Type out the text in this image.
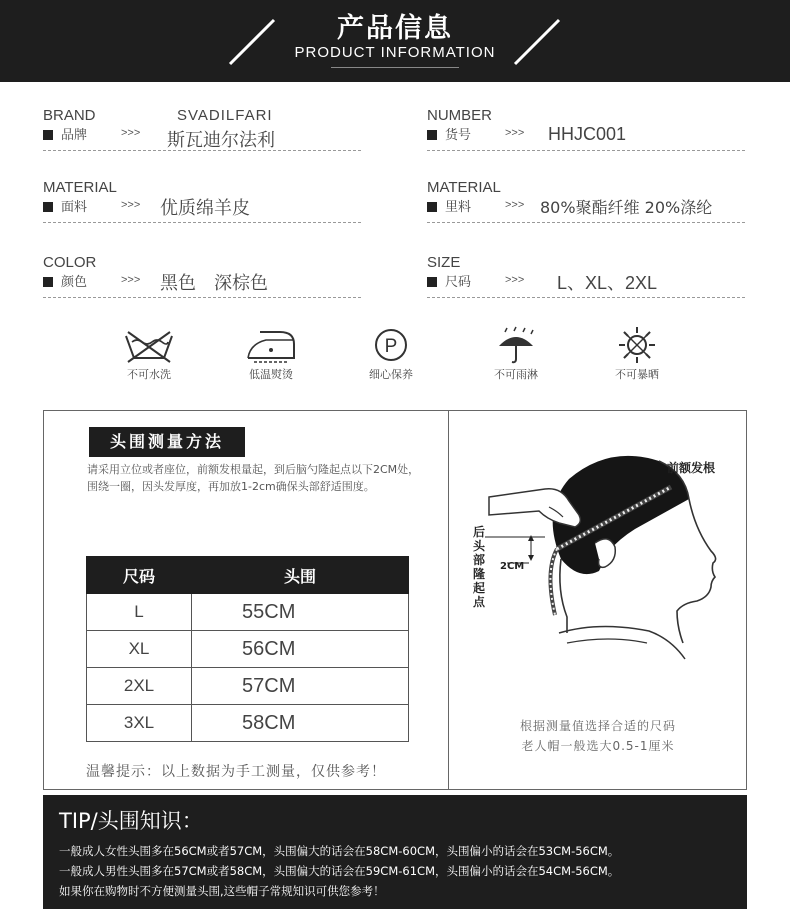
产品信息
PRODUCT INFORMATION
BRAND
品牌	>>>
SVADILFARI
斯瓦迪尔法利
NUMBER
货号	>>> HHJC001
MATERIAL
面料	>>> 优质绵羊皮
MATERIAL
里料	>>> 80%聚酯纤维 20%涤纶
COLOR
颜色	>>> 黑色　深棕色
SIZE
尺码	>>> L、XL、2XL
不可水洗	低温熨烫
P
细心保养	不可雨淋	不可暴晒
头围测量方法
请采用立位或者座位，前额发根量起，到后脑勺隆起点以下2CM处，围绕一圈，因头发厚度，再加放1-2cm确保头部舒适围度。
尺码	头围
L	55CM
XL	56CM
2XL	57CM
3XL	58CM
温馨提示：以上数据为手工测量，仅供参考！
前额发根
后头部隆起点
2CM
根据测量值选择合适的尺码
老人帽一般选大0.5-1厘米
TIP/头围知识：
一般成人女性头围多在56CM或者57CM，头围偏大的话会在58CM-60CM，头围偏小的话会在53CM-56CM。
一般成人男性头围多在57CM或者58CM，头围偏大的话会在59CM-61CM，头围偏小的话会在54CM-56CM。
如果你在购物时不方便测量头围,这些帽子常规知识可供您参考！
